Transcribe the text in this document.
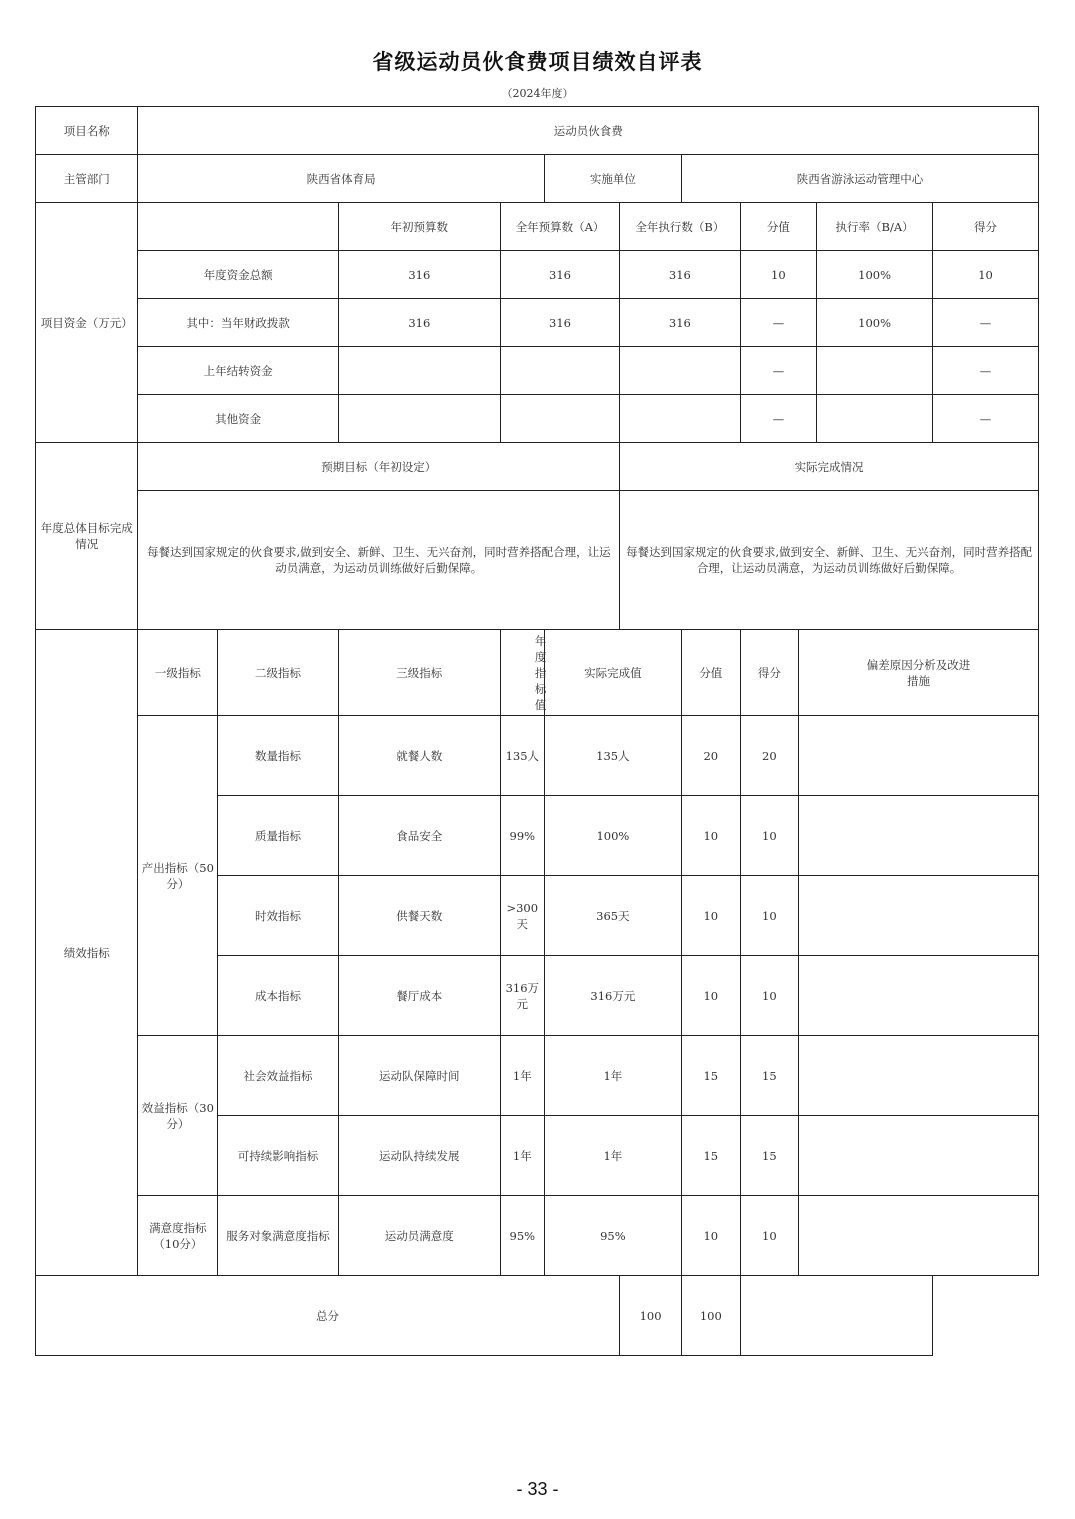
省级运动员伙食费项目绩效自评表
（2024年度）
项目名称	运动员伙食费										
主管部门	陕西省体育局				实施单位		陕西省游泳运动管理中心				
项目资金（万元）			年初预算数	全年预算数（A）		全年执行数（B）		分值		执行率（B/A）	得分
	年度资金总额		316	316		316		10		100%	10
	其中：当年财政拨款		316	316		316		—		100%	—
	上年结转资金							—			—
	其他资金							—			—
年度总体目标完成情况	预期目标（年初设定）					实际完成情况					
	每餐达到国家规定的伙食要求,做到安全、新鲜、卫生、无兴奋剂，同时营养搭配合理，让运动员满意，为运动员训练做好后勤保障。					每餐达到国家规定的伙食要求,做到安全、新鲜、卫生、无兴奋剂，同时营养搭配合理，让运动员满意，为运动员训练做好后勤保障。					
绩效指标	一级指标	二级指标	三级指标	年度指标值	实际完成值		分值	得分	偏差原因分析及改进措施		
	产出指标（50分）	数量指标	就餐人数	135人	135人		20	20			
		质量指标	食品安全	99%	100%		10	10			
		时效指标	供餐天数	>300天	365天		10	10			
		成本指标	餐厅成本	316万元	316万元		10	10			
	效益指标（30分）	社会效益指标	运动队保障时间	1年	1年		15	15			
		可持续影响指标	运动队持续发展	1年	1年		15	15			
	满意度指标（10分）	服务对象满意度指标	运动员满意度	95%	95%		10	10			
总分						100	100				
- 33 -
